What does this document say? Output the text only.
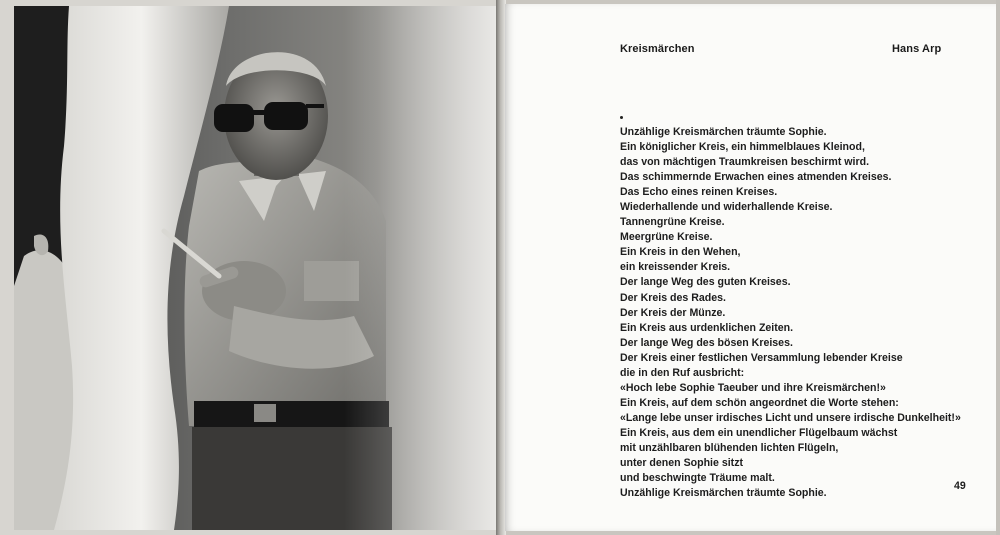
Kreismärchen	Hans Arp
Unzählige Kreismärchen träumte Sophie.
Ein königlicher Kreis, ein himmelblaues Kleinod,
das von mächtigen Traumkreisen beschirmt wird.
Das schimmernde Erwachen eines atmenden Kreises.
Das Echo eines reinen Kreises.
Wiederhallende und widerhallende Kreise.
Tannengrüne Kreise.
Meergrüne Kreise.
Ein Kreis in den Wehen,
ein kreissender Kreis.
Der lange Weg des guten Kreises.
Der Kreis des Rades.
Der Kreis der Münze.
Ein Kreis aus urdenklichen Zeiten.
Der lange Weg des bösen Kreises.
Der Kreis einer festlichen Versammlung lebender Kreise
die in den Ruf ausbricht:
«Hoch lebe Sophie Taeuber und ihre Kreismärchen!»
Ein Kreis, auf dem schön angeordnet die Worte stehen:
«Lange lebe unser irdisches Licht und unsere irdische Dunkelheit!»
Ein Kreis, aus dem ein unendlicher Flügelbaum wächst
mit unzählbaren blühenden lichten Flügeln,
unter denen Sophie sitzt
und beschwingte Träume malt.
Unzählige Kreismärchen träumte Sophie.
49
